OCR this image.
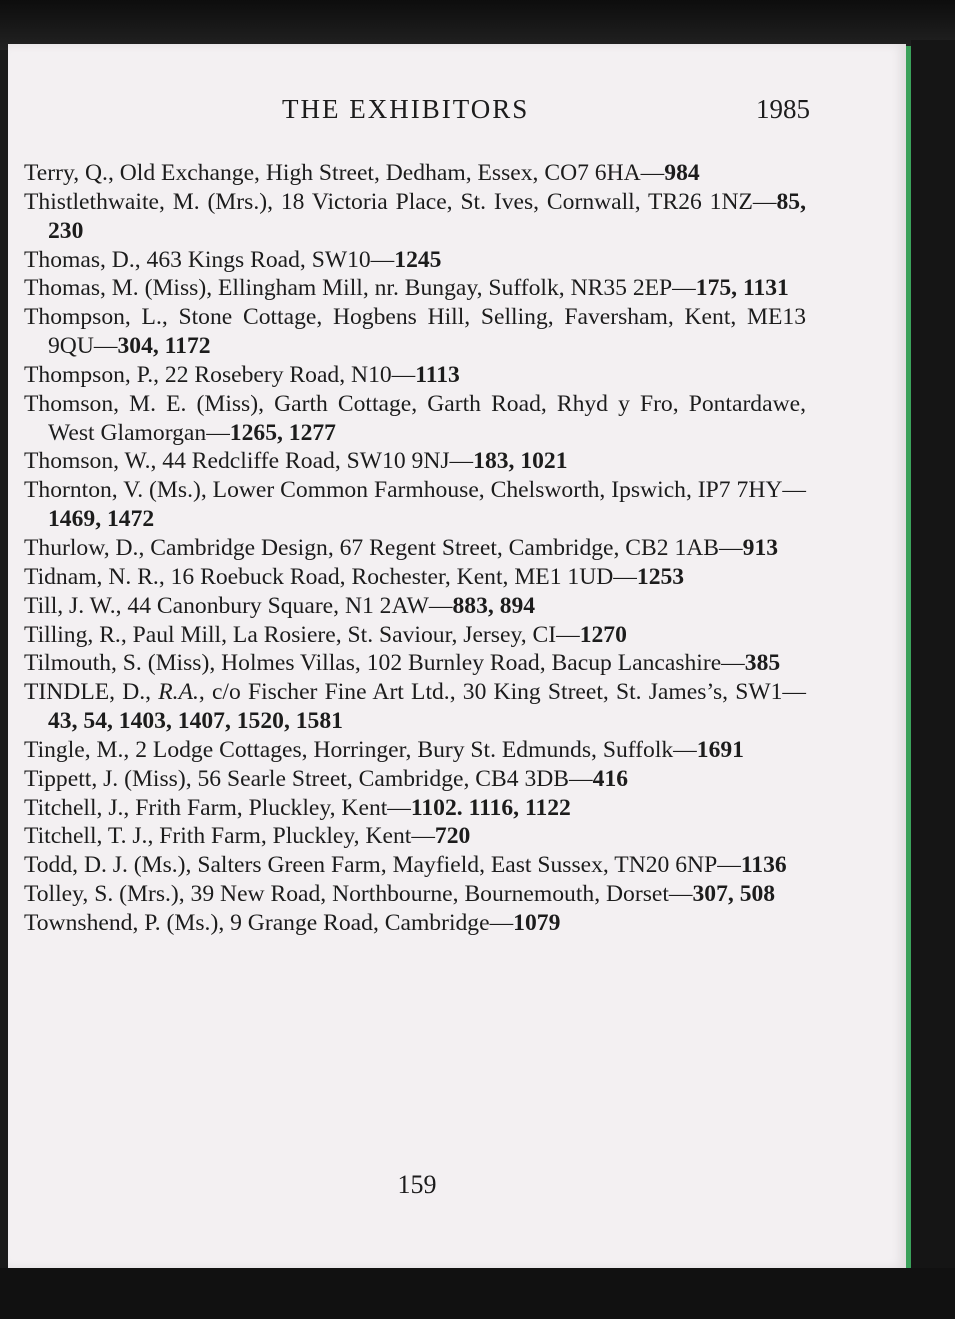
THE EXHIBITORS	1985
Terry, Q., Old Exchange, High Street, Dedham, Essex, CO7 6HA—984
Thistlethwaite, M. (Mrs.), 18 Victoria Place, St. Ives, Cornwall, TR26 1NZ—85, 230
Thomas, D., 463 Kings Road, SW10—1245
Thomas, M. (Miss), Ellingham Mill, nr. Bungay, Suffolk, NR35 2EP—175, 1131
Thompson, L., Stone Cottage, Hogbens Hill, Selling, Faversham, Kent, ME13 9QU—304, 1172
Thompson, P., 22 Rosebery Road, N10—1113
Thomson, M. E. (Miss), Garth Cottage, Garth Road, Rhyd y Fro, Pontardawe, West Glamorgan—1265, 1277
Thomson, W., 44 Redcliffe Road, SW10 9NJ—183, 1021
Thornton, V. (Ms.), Lower Common Farmhouse, Chelsworth, Ipswich, IP7 7HY—1469, 1472
Thurlow, D., Cambridge Design, 67 Regent Street, Cambridge, CB2 1AB—913
Tidnam, N. R., 16 Roebuck Road, Rochester, Kent, ME1 1UD—1253
Till, J. W., 44 Canonbury Square, N1 2AW—883, 894
Tilling, R., Paul Mill, La Rosiere, St. Saviour, Jersey, CI—1270
Tilmouth, S. (Miss), Holmes Villas, 102 Burnley Road, Bacup Lancashire—385
TINDLE, D., R.A., c/o Fischer Fine Art Ltd., 30 King Street, St. James’s, SW1—43, 54, 1403, 1407, 1520, 1581
Tingle, M., 2 Lodge Cottages, Horringer, Bury St. Edmunds, Suffolk—1691
Tippett, J. (Miss), 56 Searle Street, Cambridge, CB4 3DB—416
Titchell, J., Frith Farm, Pluckley, Kent—1102. 1116, 1122
Titchell, T. J., Frith Farm, Pluckley, Kent—720
Todd, D. J. (Ms.), Salters Green Farm, Mayfield, East Sussex, TN20 6NP—1136
Tolley, S. (Mrs.), 39 New Road, Northbourne, Bournemouth, Dorset—307, 508
Townshend, P. (Ms.), 9 Grange Road, Cambridge—1079
159
